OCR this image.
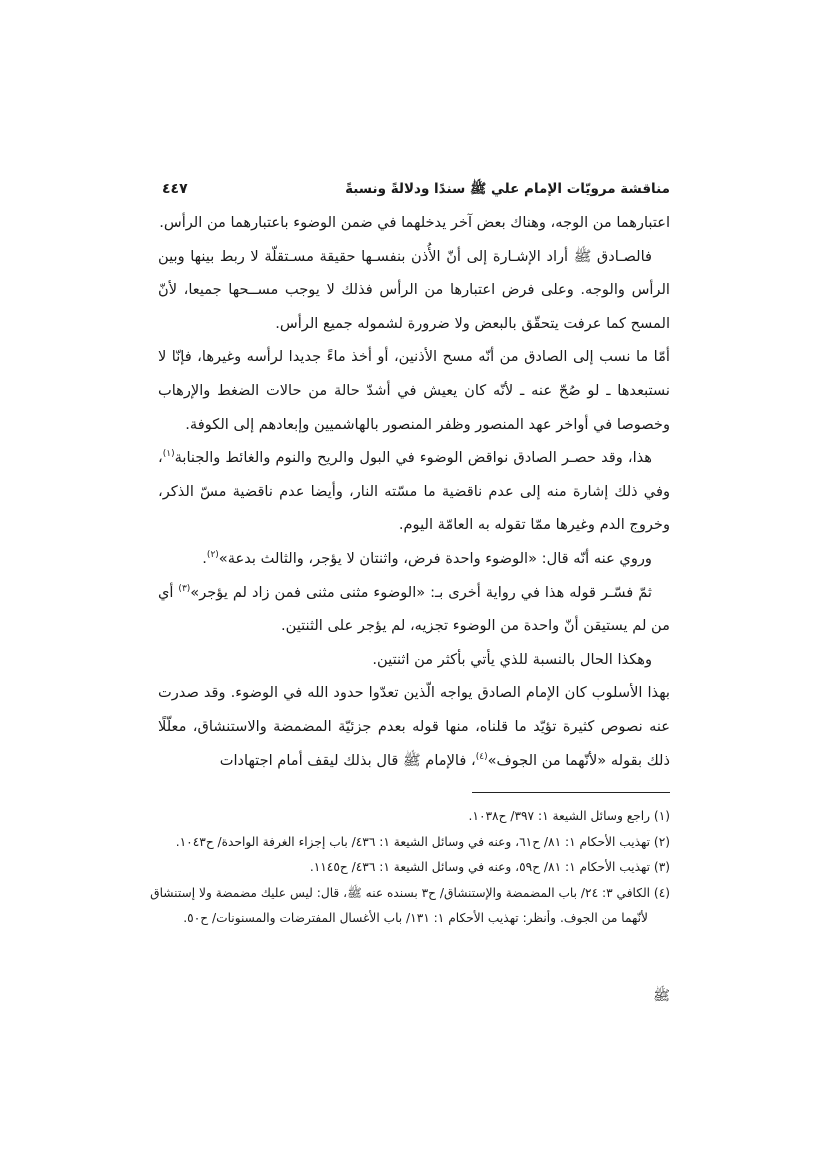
مناقشة مرويّات الإمام علي ﷺ سندًا ودلالةً ونسبةً
٤٤٧

اعتبارهما من الوجه، وهناك بعض آخر يدخلهما في ضمن الوضوء باعتبارهما من الرأس.

فالصـادق ﷺ أراد الإشـارة إلى أنّ الأُذن بنفسـها حقيقة مسـتقلّة لا ربط بينها وبين الرأس والوجه. وعلى فرض اعتبارها من الرأس فذلك لا يوجب مســحها جميعا، لأنّ المسح كما عرفت يتحقّق بالبعض ولا ضرورة لشموله جميع الرأس.

أمّا ما نسب إلى الصادق من أنّه مسح الأذنين، أو أخذ ماءً جديدا لرأسه وغيرها، فإنّا لا نستبعدها ـ لو صُحّ عنه ـ لأنّه كان يعيش في أشدّ حالة من حالات الضغط والإرهاب وخصوصا في أواخر عهد المنصور وظفر المنصور بالهاشميين وإبعادهم إلى الكوفة.

هذا، وقد حصـر الصادق نواقض الوضوء في البول والريح والنوم والغائط والجنابة$^{(١)}$، وفي ذلك إشارة منه إلى عدم ناقضية ما مسّته النار، وأيضا عدم ناقضية مسّ الذكر، وخروج الدم وغيرها ممّا تقوله به العامّة اليوم.

وروي عنه أنّه قال: «الوضوء واحدة فرض، واثنتان لا يؤجر، والثالث بدعة»$^{(٢)}$.

ثمّ فسّـر قوله هذا في رواية أخرى بـ: «الوضوء مثنى مثنى فمن زاد لم يؤجر»$^{(٣)}$ أي من لم يستيقن أنّ واحدة من الوضوء تجزيه، لم يؤجر على الثنتين.

وهكذا الحال بالنسبة للذي يأتي بأكثر من اثنتين.

بهذا الأسلوب كان الإمام الصادق يواجه الّذين تعدّوا حدود الله في الوضوء. وقد صدرت عنه نصوص كثيرة تؤيّد ما قلناه، منها قوله بعدم جزئيّة المضمضة والاستنشاق، معلّلًا ذلك بقوله «لأنّهما من الجوف»$^{(٤)}$، فالإمام ﷺ قال بذلك ليقف أمام اجتهادات

(١) راجع وسائل الشيعة ١: ٣٩٧/ ح١٠٣٨.

(٢) تهذيب الأحكام ١: ٨١/ ح٦١، وعنه في وسائل الشيعة ١: ٤٣٦/ باب إجزاء الغرفة الواحدة/ ح١٠٤٣.

(٣) تهذيب الأحكام ١: ٨١/ ح٥٩، وعنه في وسائل الشيعة ١: ٤٣٦/ ح١١٤٥.

(٤) الكافي ٣: ٢٤/ باب المضمضة والإستنشاق/ ح٣ بسنده عنه ﷺ، قال: ليس عليك مضمضة ولا إستنشاق

لأنّهما من الجوف. وأنظر: تهذيب الأحكام ١: ١٣١/ باب الأغسال المفترضات والمسنونات/ ح٥٠.

ﷺ
